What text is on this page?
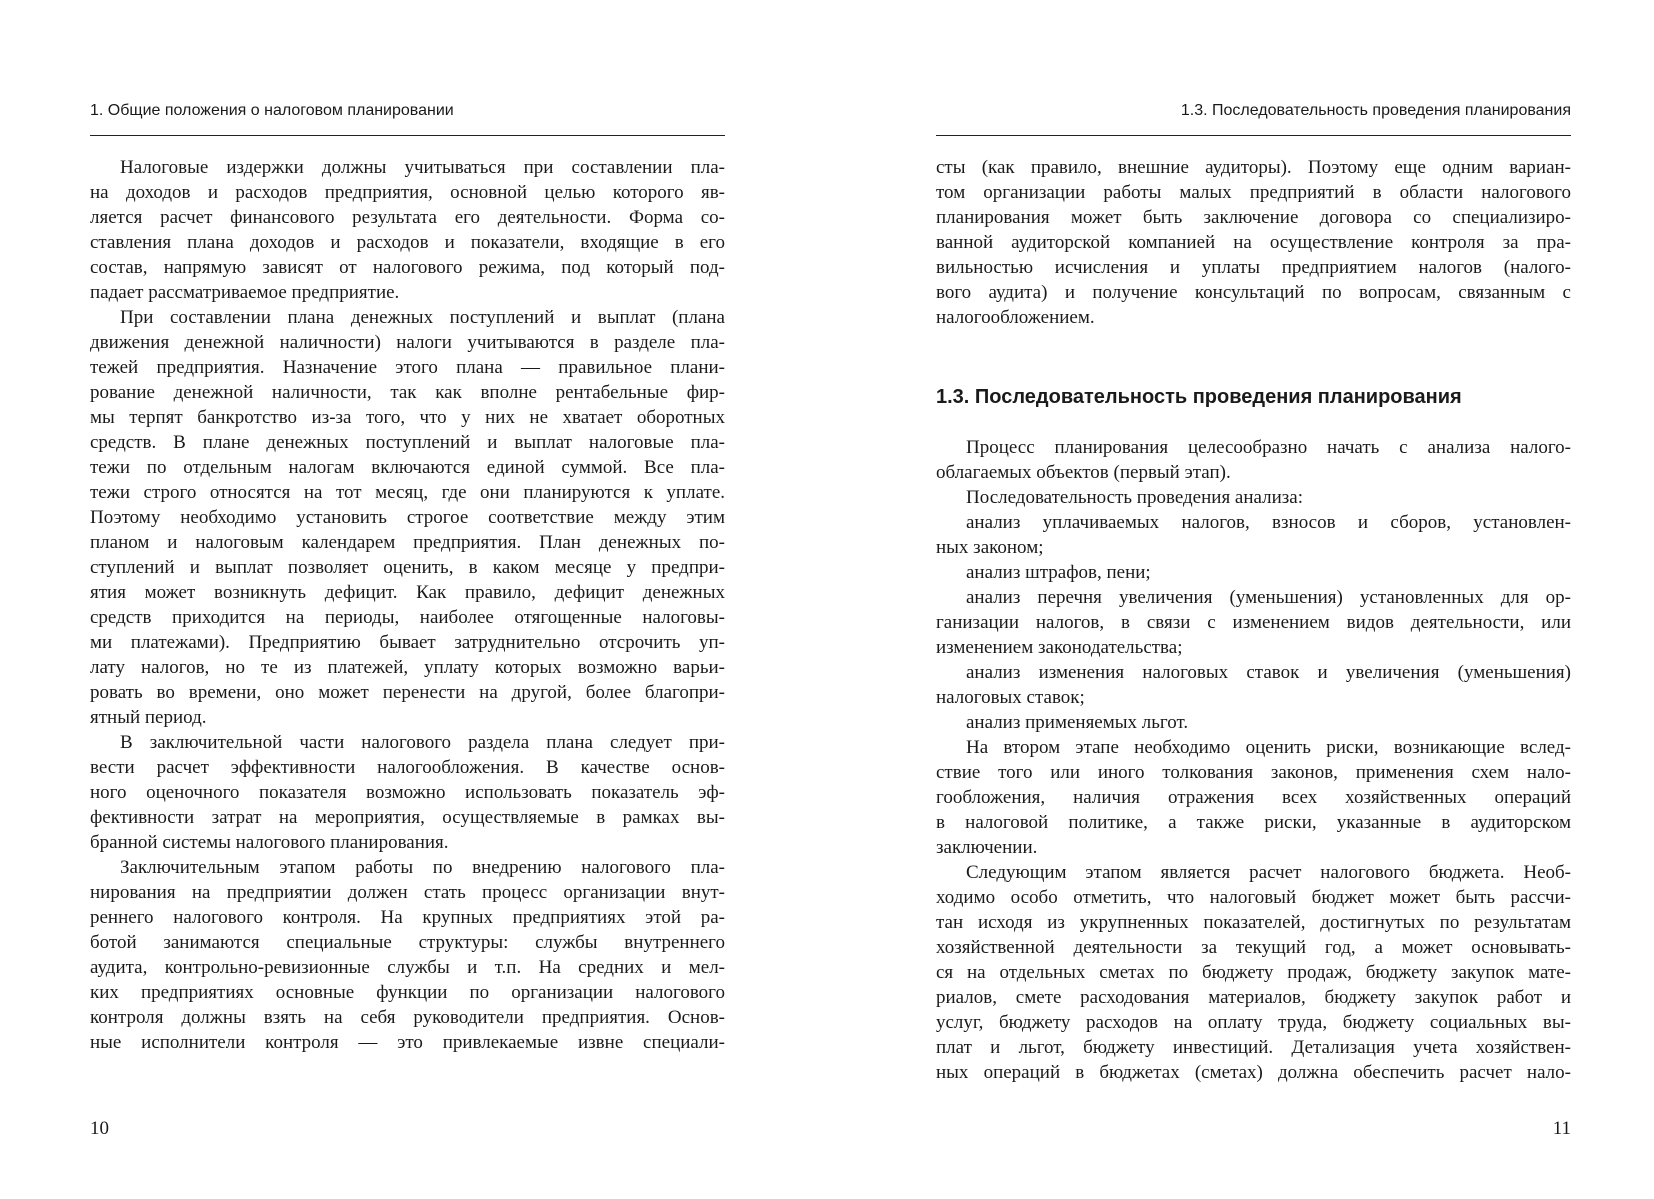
1. Общие положения о налоговом планировании
Налоговые издержки должны учитываться при составлении пла-
на доходов и расходов предприятия, основной целью которого яв-
ляется расчет финансового результата его деятельности. Форма со-
ставления плана доходов и расходов и показатели, входящие в его
состав, напрямую зависят от налогового режима, под который под-
падает рассматриваемое предприятие.
При составлении плана денежных поступлений и выплат (плана
движения денежной наличности) налоги учитываются в разделе пла-
тежей предприятия. Назначение этого плана — правильное плани-
рование денежной наличности, так как вполне рентабельные фир-
мы терпят банкротство из-за того, что у них не хватает оборотных
средств. В плане денежных поступлений и выплат налоговые пла-
тежи по отдельным налогам включаются единой суммой. Все пла-
тежи строго относятся на тот месяц, где они планируются к уплате.
Поэтому необходимо установить строгое соответствие между этим
планом и налоговым календарем предприятия. План денежных по-
ступлений и выплат позволяет оценить, в каком месяце у предпри-
ятия может возникнуть дефицит. Как правило, дефицит денежных
средств приходится на периоды, наиболее отягощенные налоговы-
ми платежами). Предприятию бывает затруднительно отсрочить уп-
лату налогов, но те из платежей, уплату которых возможно варьи-
ровать во времени, оно может перенести на другой, более благопри-
ятный период.
В заключительной части налогового раздела плана следует при-
вести расчет эффективности налогообложения. В качестве основ-
ного оценочного показателя возможно использовать показатель эф-
фективности затрат на мероприятия, осуществляемые в рамках вы-
бранной системы налогового планирования.
Заключительным этапом работы по внедрению налогового пла-
нирования на предприятии должен стать процесс организации внут-
реннего налогового контроля. На крупных предприятиях этой ра-
ботой занимаются специальные структуры: службы внутреннего
аудита, контрольно-ревизионные службы и т.п. На средних и мел-
ких предприятиях основные функции по организации налогового
контроля должны взять на себя руководители предприятия. Основ-
ные исполнители контроля — это привлекаемые извне специали-
10
1.3. Последовательность проведения планирования
сты (как правило, внешние аудиторы). Поэтому еще одним вариан-
том организации работы малых предприятий в области налогового
планирования может быть заключение договора со специализиро-
ванной аудиторской компанией на осуществление контроля за пра-
вильностью исчисления и уплаты предприятием налогов (налого-
вого аудита) и получение консультаций по вопросам, связанным с
налогообложением.
1.3. Последовательность проведения планирования
Процесс планирования целесообразно начать с анализа налого-
облагаемых объектов (первый этап).
Последовательность проведения анализа:
анализ уплачиваемых налогов, взносов и сборов, установлен-
ных законом;
анализ штрафов, пени;
анализ перечня увеличения (уменьшения) установленных для ор-
ганизации налогов, в связи с изменением видов деятельности, или
изменением законодательства;
анализ изменения налоговых ставок и увеличения (уменьшения)
налоговых ставок;
анализ применяемых льгот.
На втором этапе необходимо оценить риски, возникающие вслед-
ствие того или иного толкования законов, применения схем нало-
гообложения, наличия отражения всех хозяйственных операций
в налоговой политике, а также риски, указанные в аудиторском
заключении.
Следующим этапом является расчет налогового бюджета. Необ-
ходимо особо отметить, что налоговый бюджет может быть рассчи-
тан исходя из укрупненных показателей, достигнутых по результатам
хозяйственной деятельности за текущий год, а может основывать-
ся на отдельных сметах по бюджету продаж, бюджету закупок мате-
риалов, смете расходования материалов, бюджету закупок работ и
услуг, бюджету расходов на оплату труда, бюджету социальных вы-
плат и льгот, бюджету инвестиций. Детализация учета хозяйствен-
ных операций в бюджетах (сметах) должна обеспечить расчет нало-
11
